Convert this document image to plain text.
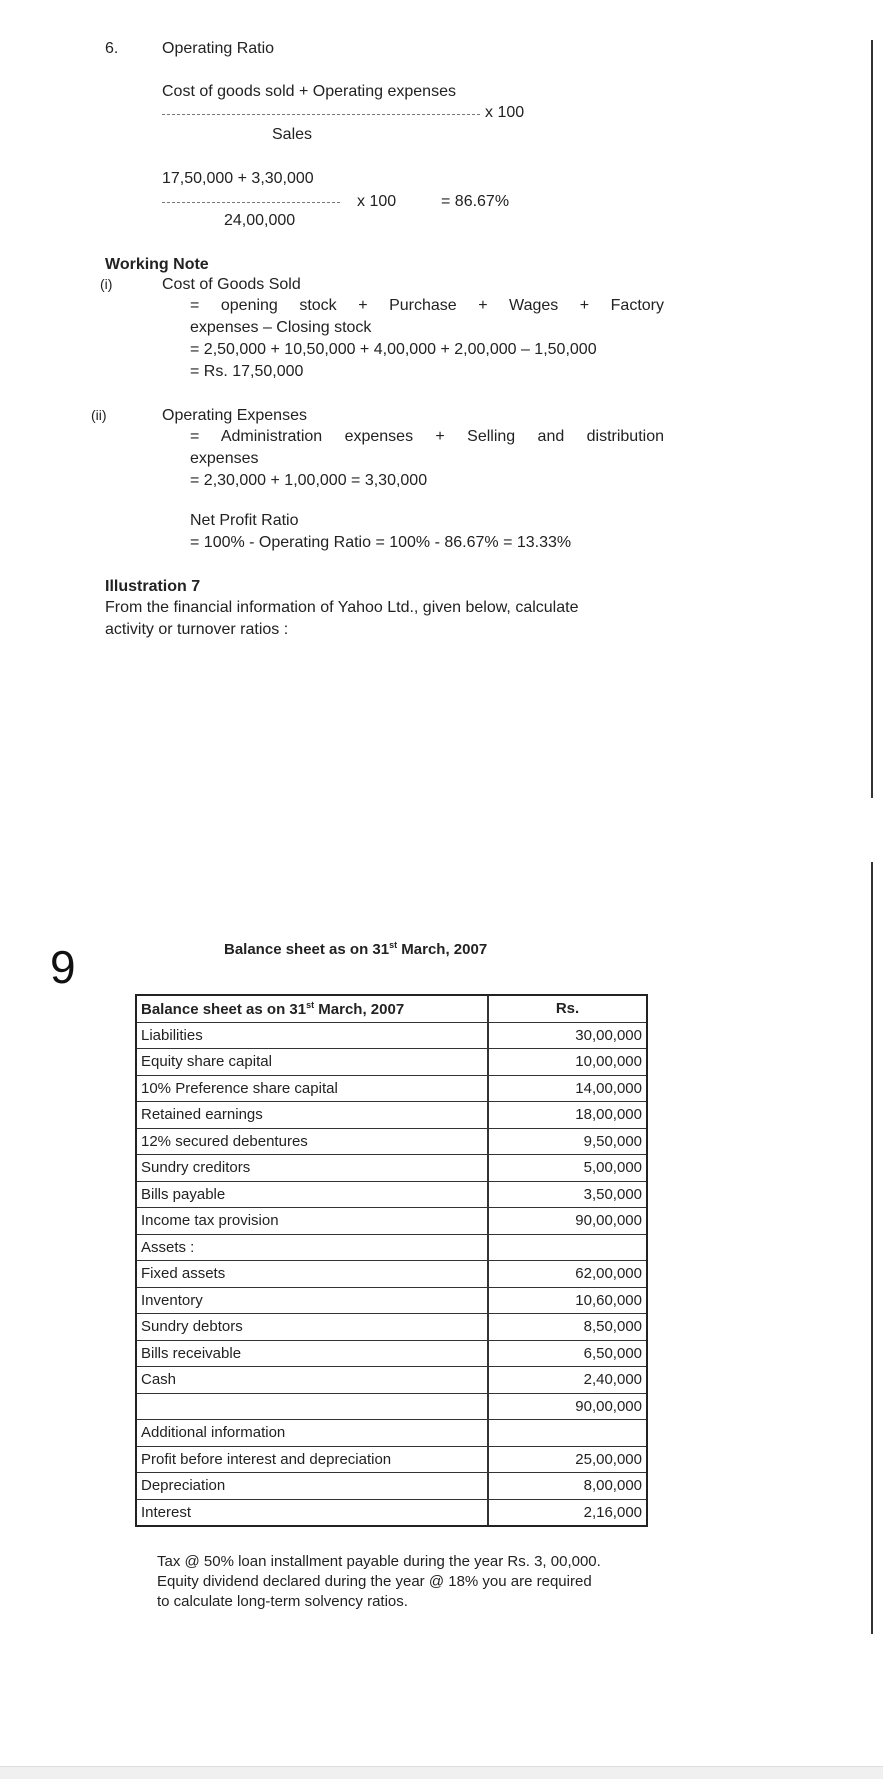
6.	Operating Ratio
Cost of goods sold + Operating expenses
x 100
Sales
17,50,000 + 3,30,000
x 100	= 86.67%
24,00,000
Working Note
(i)	Cost of Goods Sold
= opening stock + Purchase + Wages + Factory
expenses – Closing stock
= 2,50,000 + 10,50,000 + 4,00,000 + 2,00,000 – 1,50,000
= Rs. 17,50,000
(ii)	Operating Expenses
= Administration expenses + Selling and distribution
expenses
= 2,30,000 + 1,00,000 = 3,30,000
Net Profit Ratio
= 100% - Operating Ratio = 100% - 86.67% = 13.33%
Illustration 7
From the financial information of Yahoo Ltd., given below, calculate
activity or turnover ratios :
9	Balance sheet as on 31st March, 2007
Balance sheet as on 31st March, 2007		Rs.
Liabilities		30,00,000
Equity share capital		10,00,000
10% Preference share capital		14,00,000
Retained earnings		18,00,000
12% secured debentures		9,50,000
Sundry creditors		5,00,000
Bills payable		3,50,000
Income tax provision		90,00,000
Assets :		
Fixed assets		62,00,000
Inventory		10,60,000
Sundry debtors		8,50,000
Bills receivable		6,50,000
Cash		2,40,000
		90,00,000
Additional information		
Profit before interest and depreciation		25,00,000
Depreciation		8,00,000
Interest		2,16,000
Tax @ 50% loan installment payable during the year Rs. 3, 00,000.
Equity dividend declared during the year @ 18% you are required
to calculate long-term solvency ratios.
